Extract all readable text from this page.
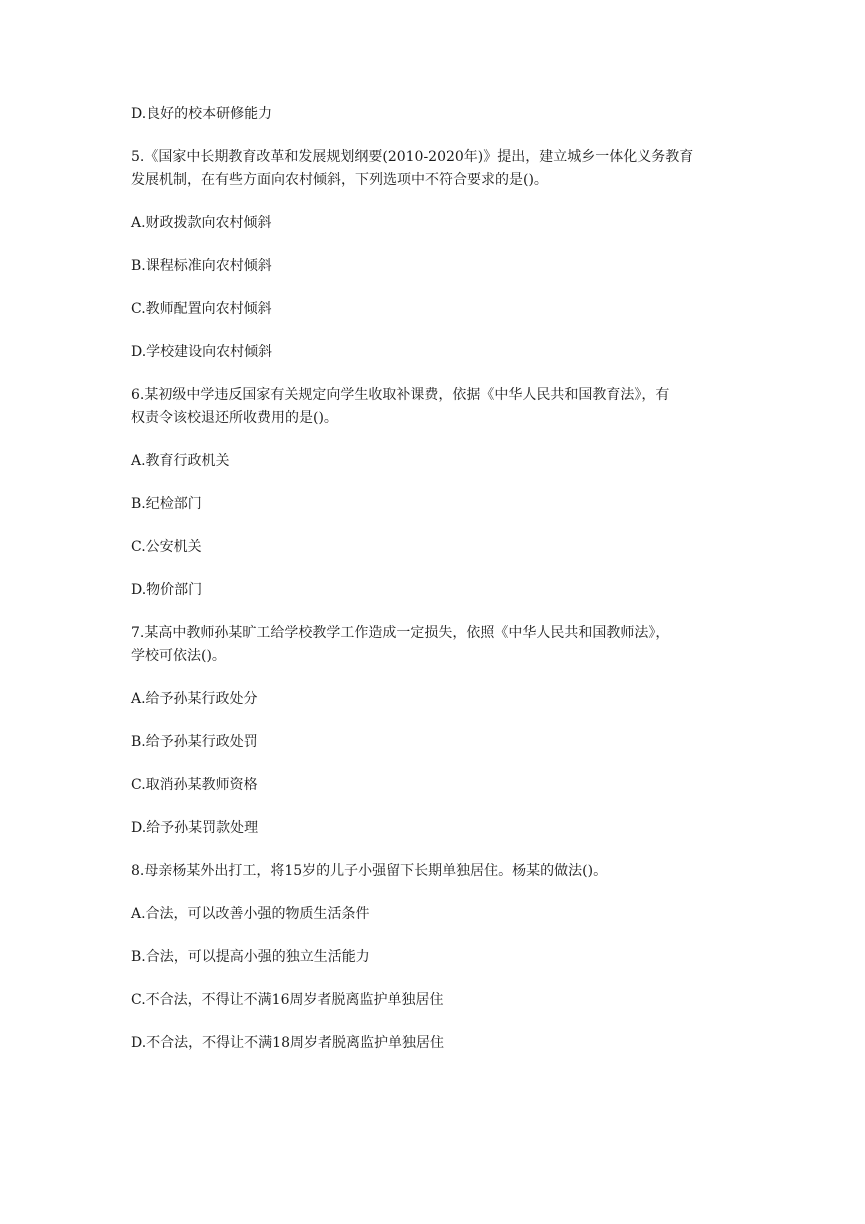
D.良好的校本研修能力

5.《国家中长期教育改革和发展规划纲要(2010-2020年)》提出，建立城乡一体化义务教育

发展机制，在有些方面向农村倾斜，下列选项中不符合要求的是()。

A.财政拨款向农村倾斜

B.课程标准向农村倾斜

C.教师配置向农村倾斜

D.学校建设向农村倾斜

6.某初级中学违反国家有关规定向学生收取补课费，依据《中华人民共和国教育法》，有

权责令该校退还所收费用的是()。

A.教育行政机关

B.纪检部门

C.公安机关

D.物价部门

7.某高中教师孙某旷工给学校教学工作造成一定损失，依照《中华人民共和国教师法》，

学校可依法()。

A.给予孙某行政处分

B.给予孙某行政处罚

C.取消孙某教师资格

D.给予孙某罚款处理

8.母亲杨某外出打工，将15岁的儿子小强留下长期单独居住。杨某的做法()。

A.合法，可以改善小强的物质生活条件

B.合法，可以提高小强的独立生活能力

C.不合法，不得让不满16周岁者脱离监护单独居住

D.不合法，不得让不满18周岁者脱离监护单独居住
